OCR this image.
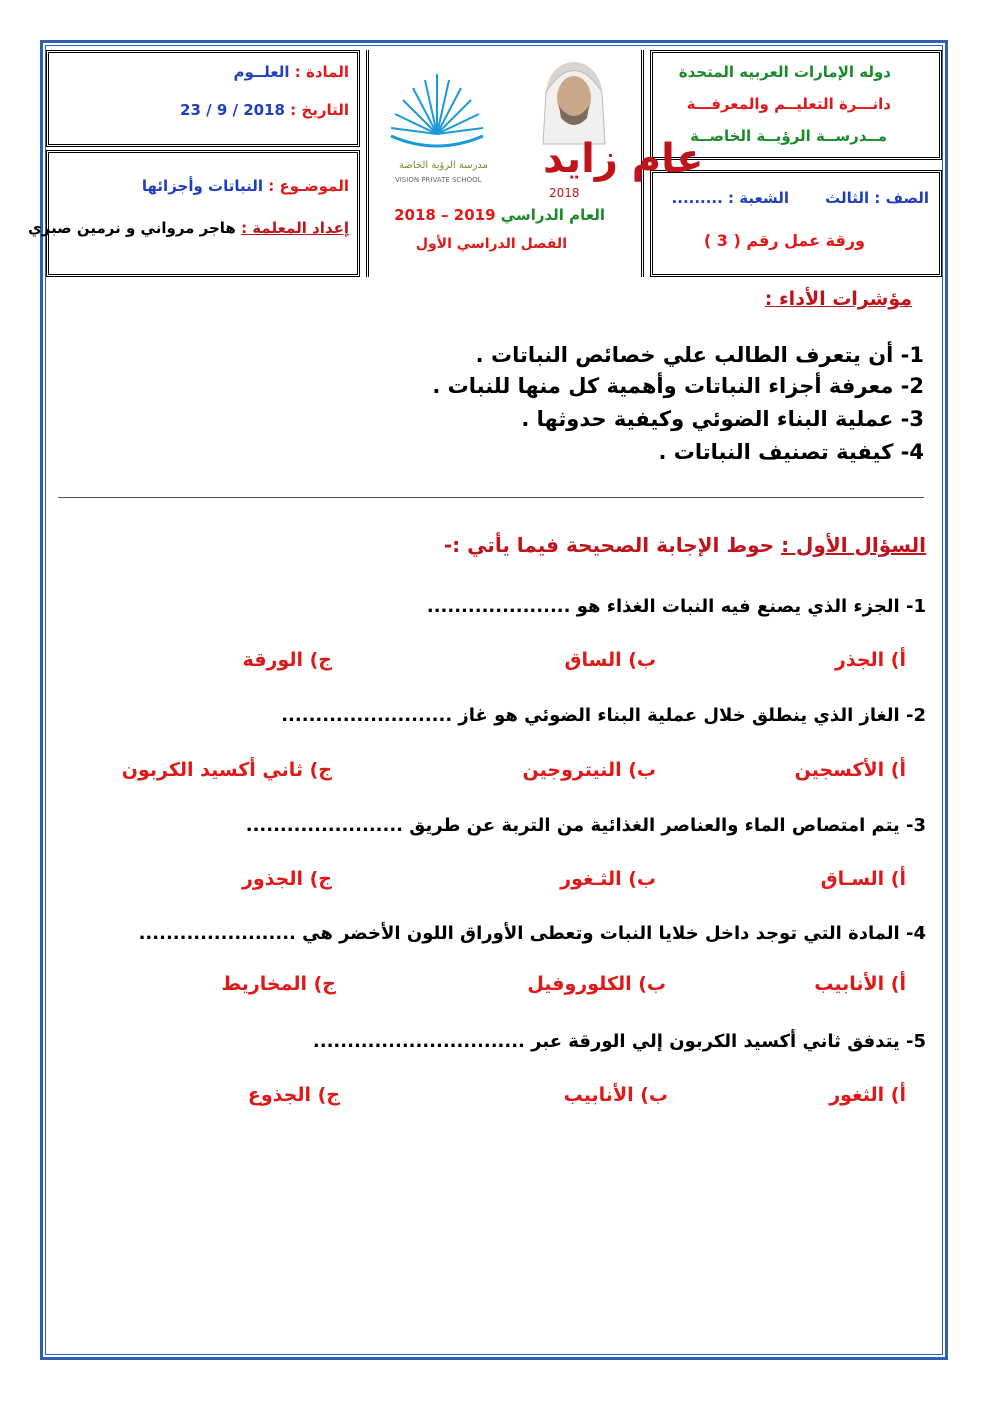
دوله الإمارات العربيه المتحدة
دانـــرة التعليــم والمعرفـــة
مــدرســة الرؤيــة الخاصــة
الصف : الثالث
الشعبة : .........
ورقة عمل رقم ( 3 )
المادة : العلــوم
التاريخ : 23 / 9 / 2018
الموضـوع : النباتات وأجزائها
إعداد المعلمة : هاجر مرواني و نرمين صبري
مدرسة الرؤية الخاصة
VISION PRIVATE SCHOOL عام زايد
2018
العام الدراسي 2018 – 2019
الفصل الدراسي الأول
مؤشرات الأداء :
1- أن يتعرف الطالب علي خصائص النباتات .
2- معرفة أجزاء النباتات وأهمية كل منها للنبات .
3- عملية البناء الضوئي وكيفية حدوثها .
4- كيفية تصنيف النباتات .
السؤال الأول : حوط الإجابة الصحيحة فيما يأتي :-
1- الجزء الذي يصنع فيه النبات الغذاء هو .....................
أ) الجذر
ب) الساق
ج) الورقة
2- الغاز الذي ينطلق خلال عملية البناء الضوئي هو غاز .........................
أ) الأكسجين
ب) النيتروجين
ج) ثاني أكسيد الكربون
3- يتم امتصاص الماء والعناصر الغذائية من التربة عن طريق .......................
أ) السـاق
ب) الثـغور
ج) الجذور
4- المادة التي توجد داخل خلايا النبات وتعطى الأوراق اللون الأخضر هي .......................
أ) الأنابيب
ب) الكلوروفيل
ج) المخاريط
5- يتدفق ثاني أكسيد الكربون إلي الورقة عبر ...............................
أ) الثغور
ب) الأنابيب
ج) الجذوع
